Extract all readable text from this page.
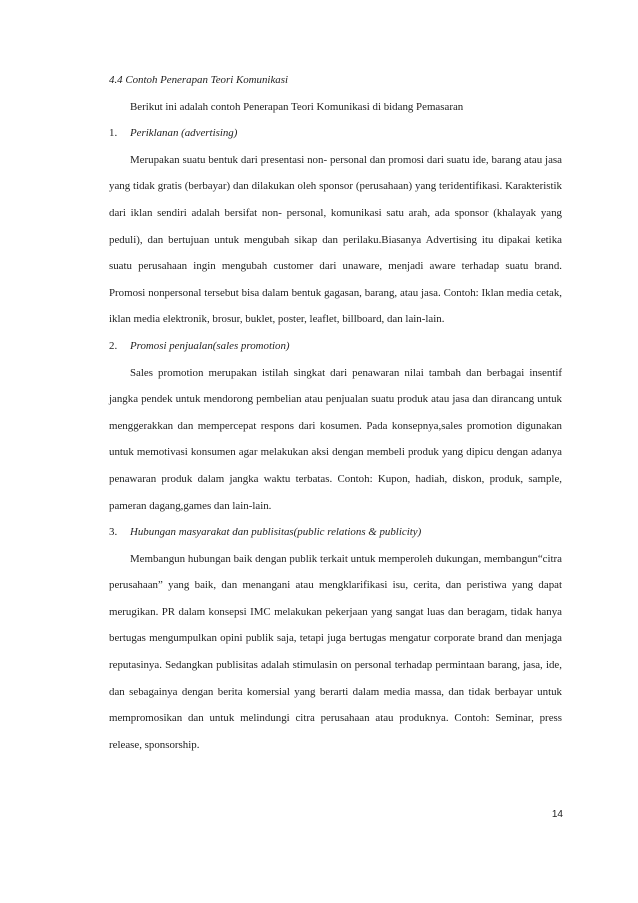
4.4 Contoh Penerapan Teori Komunikasi

Berikut ini adalah contoh Penerapan Teori Komunikasi di bidang Pemasaran

1.	Periklanan (advertising)

Merupakan suatu bentuk dari presentasi non- personal dan promosi dari suatu ide, barang atau jasa yang tidak gratis (berbayar) dan dilakukan oleh sponsor (perusahaan) yang teridentifikasi. Karakteristik dari iklan sendiri adalah bersifat non- personal, komunikasi satu arah, ada sponsor (khalayak yang peduli), dan bertujuan untuk mengubah sikap dan perilaku.Biasanya Advertising itu dipakai ketika suatu perusahaan ingin mengubah customer dari unaware, menjadi aware terhadap suatu brand. Promosi nonpersonal tersebut bisa dalam bentuk gagasan, barang, atau jasa. Contoh: Iklan media cetak, iklan media elektronik, brosur, buklet, poster, leaflet, billboard, dan lain-lain.

2.	Promosi penjualan(sales promotion)

Sales promotion merupakan istilah singkat dari penawaran nilai tambah dan berbagai insentif jangka pendek untuk mendorong pembelian atau penjualan suatu produk atau jasa dan dirancang untuk menggerakkan dan mempercepat respons dari kosumen. Pada konsepnya,sales promotion digunakan untuk memotivasi konsumen agar melakukan aksi dengan membeli produk yang dipicu dengan adanya penawaran produk dalam jangka waktu terbatas. Contoh: Kupon, hadiah, diskon, produk, sample, pameran dagang,games dan lain-lain.

3.	Hubungan masyarakat dan publisitas(public relations & publicity)

Membangun hubungan baik dengan publik terkait untuk memperoleh dukungan, membangun“citra perusahaan” yang baik, dan menangani atau mengklarifikasi isu, cerita, dan peristiwa yang dapat merugikan. PR dalam konsepsi IMC melakukan pekerjaan yang sangat luas dan beragam, tidak hanya bertugas mengumpulkan opini publik saja, tetapi juga bertugas mengatur corporate brand dan menjaga reputasinya. Sedangkan publisitas adalah stimulasin on personal terhadap permintaan barang, jasa, ide, dan sebagainya dengan berita komersial yang berarti dalam media massa, dan tidak berbayar untuk mempromosikan dan untuk melindungi citra perusahaan atau produknya. Contoh: Seminar, press release, sponsorship.

14
